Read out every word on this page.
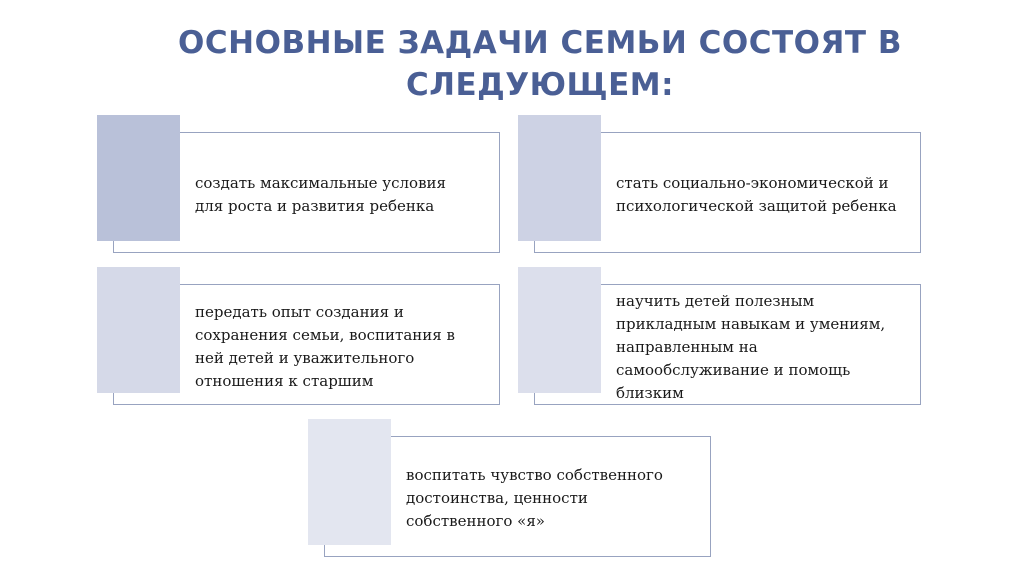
ОСНОВНЫЕ ЗАДАЧИ СЕМЬИ СОСТОЯТ В
СЛЕДУЮЩЕМ:
создать максимальные условия
для роста и развития ребенка
стать социально-экономической и
психологической защитой ребенка
передать опыт создания и
сохранения семьи, воспитания в
ней детей и уважительного
отношения к старшим
научить детей полезным
прикладным навыкам и умениям,
направленным на
самообслуживание и помощь
близким
воспитать чувство собственного
достоинства, ценности
собственного «я»
